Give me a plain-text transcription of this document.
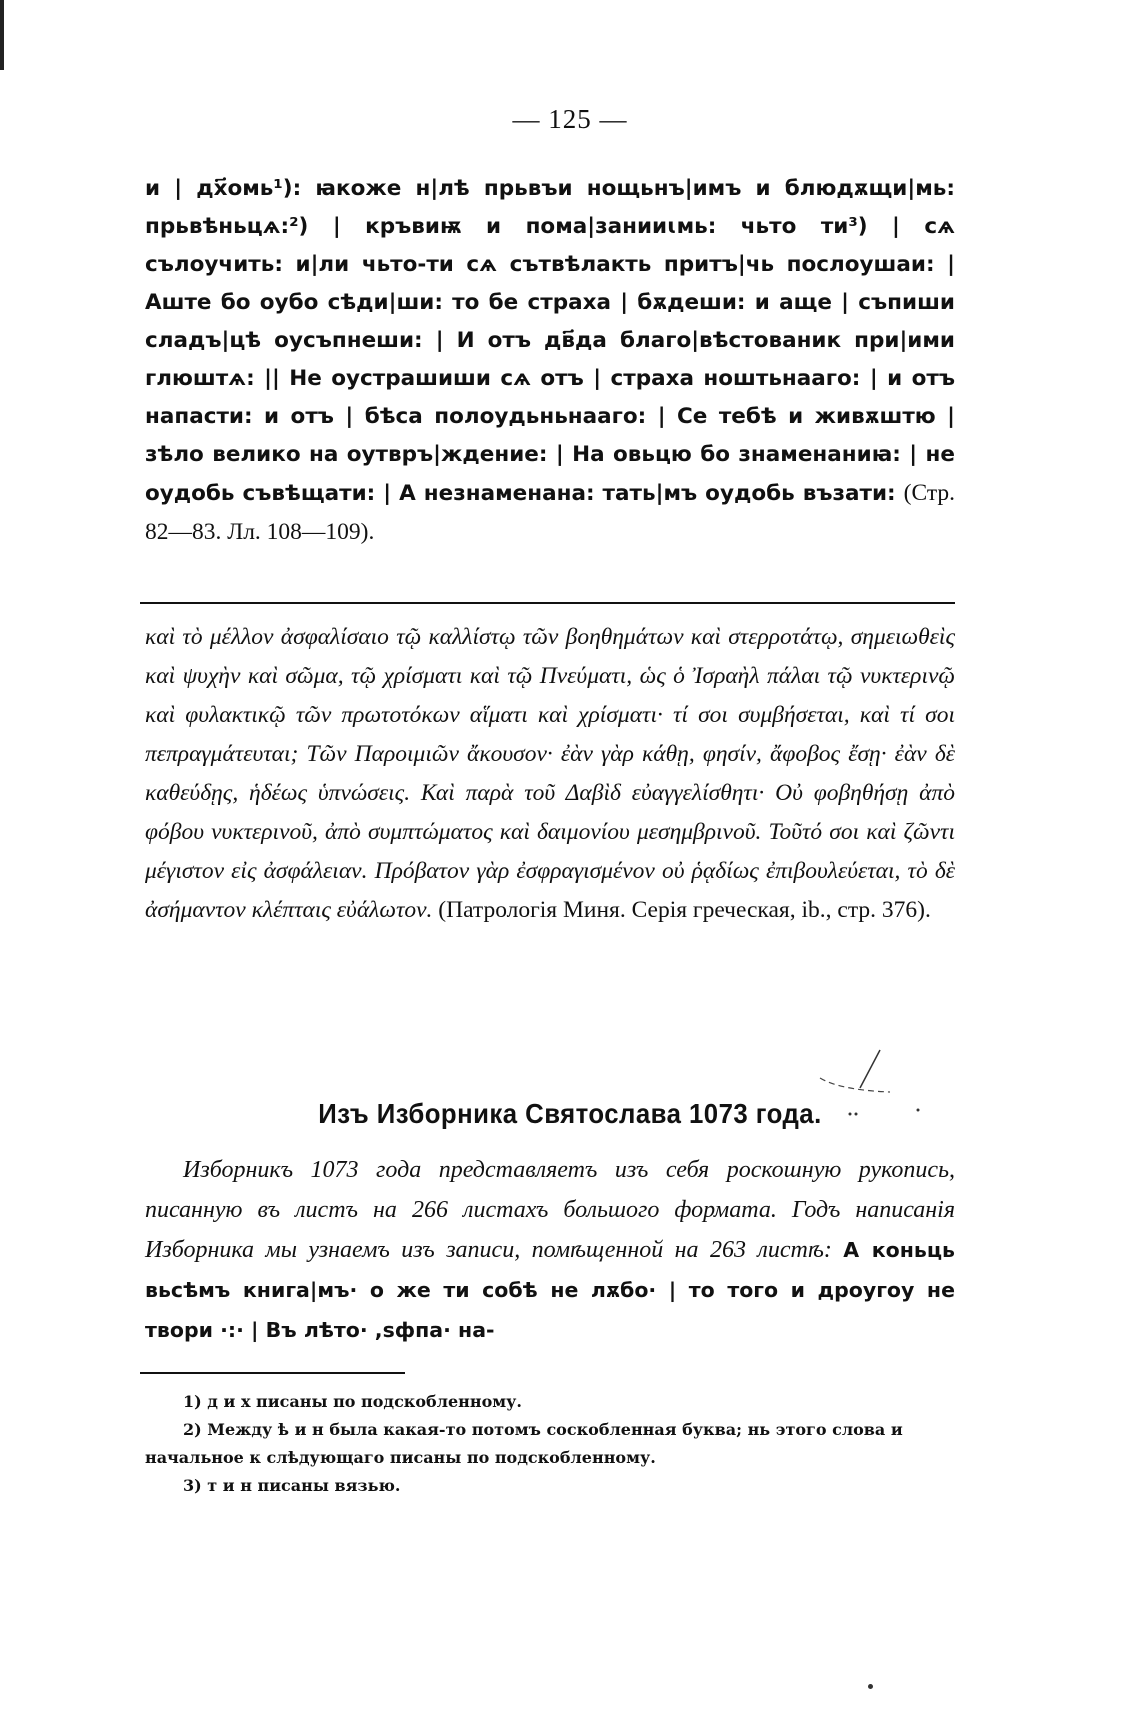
— 125 —
и | дх҃омь¹): ꙗкоже н|лѣ прьвъи нощьнъ|имъ и блюдѫщи|мь: прьвѣньцѧ:²) | кръвиѭ и пома|занииꙇмь: чьто ти³) | сѧ сълоучить: и|ли чьто-ти сѧ сътвѣлакть притъ|чь послоушаи: | Аште бо оубо сѣди|ши: то бе страха | бѫдеши: и аще | съпиши сладъ|цѣ оусъпнеши: | И отъ дв҃да благо|вѣстованик при|ими глюштѧ: || Не оустрашиши сѧ отъ | страха ноштьнааго: | и отъ напасти: и отъ | бѣса полоудьньнааго: | Се тебѣ и живѫштю | зѣло велико на оутвръ|ждение: | На овьцю бо знаменаниꙗ: | не оудобь съвѣщати: | А незнаменана: тать|мъ оудобь възати: (Стр. 82—83. Лл. 108—109).
καὶ τὸ μέλλον ἀσφαλίσαιο τῷ καλλίστῳ τῶν βοηθημάτων καὶ στερροτάτῳ, σημειωθεὶς καὶ ψυχὴν καὶ σῶμα, τῷ χρίσματι καὶ τῷ Πνεύματι, ὡς ὁ Ἰσραὴλ πάλαι τῷ νυκτερινῷ καὶ φυλακτικῷ τῶν πρωτοτόκων αἵματι καὶ χρίσματι· τί σοι συμβήσεται, καὶ τί σοι πεπραγμάτευται; Τῶν Παροιμιῶν ἄκουσον· ἐὰν γὰρ κάθῃ, φησίν, ἄφοβος ἔσῃ· ἐὰν δὲ καθεύδῃς, ἡδέως ὑπνώσεις. Καὶ παρὰ τοῦ Δαβὶδ εὐαγγελίσθητι· Οὐ φοβηθήσῃ ἀπὸ φόβου νυκτερινοῦ, ἀπὸ συμπτώματος καὶ δαιμονίου μεσημβρινοῦ. Τοῦτό σοι καὶ ζῶντι μέγιστον εἰς ἀσφάλειαν. Πρόβατον γὰρ ἐσφραγισμένον οὐ ῥᾳδίως ἐπιβουλεύεται, τὸ δὲ ἀσήμαντον κλέπταις εὐάλωτον. (Патрологія Миня. Серія греческая, ib., стр. 376).
Изъ Изборника Святослава 1073 года.
Изборникъ 1073 года представляетъ изъ себя роскошную рукопись, писанную въ листъ на 266 листахъ большого формата. Годъ написанія Изборника мы узнаемъ изъ записи, помѣщенной на 263 листѣ: А коньць вьсѣмъ книга|мъ· о же ти собѣ не лѫбо· | то того и дроугоу не твори ·:· | Въ лѣто· ,ѕфпа· на-

1) д и х писаны по подскобленному.

2) Между ѣ и н была какая-то потомъ соскобленная буква; нь этого слова и начальное к слѣдующаго писаны по подскобленному.

3) т и н писаны вязью.
